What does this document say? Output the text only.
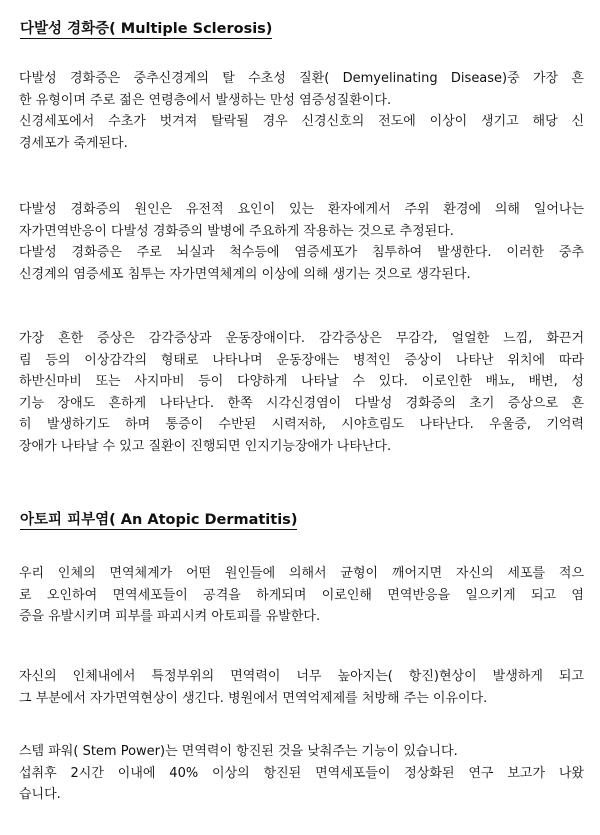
다발성 경화증( Multiple Sclerosis)
다발성 경화증은 중추신경계의 탈 수초성 질환( Demyelinating Disease)중 가장 흔
한 유형이며 주로 젊은 연령층에서 발생하는 만성 염증성질환이다.
신경세포에서 수초가 벗겨져 탈락될 경우 신경신호의 전도에 이상이 생기고 해당 신
경세포가 죽게된다.
다발성 경화증의 원인은 유전적 요인이 있는 환자에게서 주위 환경에 의해 일어나는
자가면역반응이 다발성 경화증의 발병에 주요하게 작용하는 것으로 추정된다.
다발성 경화증은 주로 뇌실과 척수등에 염증세포가 침투하여 발생한다. 이러한 중추
신경계의 염증세포 침투는 자가면역체계의 이상에 의해 생기는 것으로 생각된다.
가장 흔한 증상은 감각증상과 운동장애이다. 감각증상은 무감각, 얼얼한 느낌, 화끈거
림 등의 이상감각의 형태로 나타나며 운동장애는 병적인 증상이 나타난 위치에 따라
하반신마비 또는 사지마비 등이 다양하게 나타날 수 있다. 이로인한 배뇨, 배변, 성
기능 장애도 흔하게 나타난다. 한쪽 시각신경염이 다발성 경화증의 초기 증상으로 흔
히 발생하기도 하며 통증이 수반된 시력저하, 시야흐림도 나타난다. 우울증, 기억력
장애가 나타날 수 있고 질환이 진행되면 인지기능장애가 나타난다.
아토피 피부염( An Atopic Dermatitis)
우리 인체의 면역체계가 어떤 원인들에 의해서 균형이 깨어지면 자신의 세포를 적으
로 오인하여 면역세포들이 공격을 하게되며 이로인해 면역반응을 일으키게 되고 염
증을 유발시키며 피부를 파괴시켜 아토피를 유발한다.
자신의 인체내에서 특정부위의 면역력이 너무 높아지는( 항진)현상이 발생하게 되고
그 부분에서 자가면역현상이 생긴다. 병원에서 면역억제제를 처방해 주는 이유이다.
스템 파워( Stem Power)는 면역력이 항진된 것을 낮춰주는 기능이 있습니다.
섭취후 2시간 이내에 40% 이상의 항진된 면역세포들이 정상화된 연구 보고가 나왔
습니다.
